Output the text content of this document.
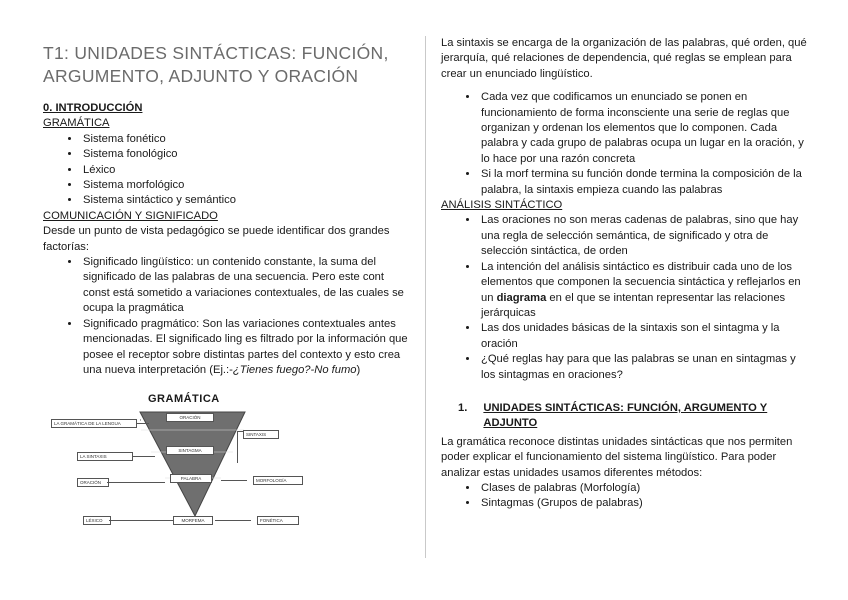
T1: UNIDADES SINTÁCTICAS: FUNCIÓN, ARGUMENTO, ADJUNTO Y ORACIÓN
0. INTRODUCCIÓN
GRAMÁTICA
• Sistema fonético
• Sistema fonológico
• Léxico
• Sistema morfológico
• Sistema sintáctico y semántico
COMUNICACIÓN Y SIGNIFICADO

Desde un punto de vista pedagógico se puede identificar dos grandes factorías:

• Significado lingüístico: un contenido constante, la suma del significado de las palabras de una secuencia. Pero este cont const está sometido a variaciones contextuales, de las cuales se ocupa la pragmática
• Significado pragmático: Son las variaciones contextuales antes mencionadas. El significado ling es filtrado por la información que posee el receptor sobre distintas partes del contexto y esto crea una nueva interpretación (Ej.:-¿Tienes fuego?-No fumo)
GRAMÁTICA
LA GRAMÁTICA DE LA LENGUA
LA SINTAXIS
ORACIÓN
LÉXICO
ORACIÓN
SINTAGMA
PALABRA
MORFEMA
SINTAXIS
MORFOLOGÍA
FONÉTICA

La sintaxis se encarga de la organización de las palabras, qué orden, qué jerarquía, qué relaciones de dependencia, qué reglas se emplean para crear un enunciado lingüístico.

• Cada vez que codificamos un enunciado se ponen en funcionamiento de forma inconsciente una serie de reglas que organizan y ordenan los elementos que lo componen. Cada palabra y cada grupo de palabras ocupa un lugar en la oración, y lo hace por una razón concreta
• Si la morf termina su función donde termina la composición de la palabra, la sintaxis empieza cuando las palabras
ANÁLISIS SINTÁCTICO
• Las oraciones no son meras cadenas de palabras, sino que hay una regla de selección semántica, de significado y otra de selección sintáctica, de orden
• La intención del análisis sintáctico es distribuir cada uno de los elementos que componen la secuencia sintáctica y reflejarlos en un diagrama en el que se intentan representar las relaciones jerárquicas
• Las dos unidades básicas de la sintaxis son el sintagma y la oración
• ¿Qué reglas hay para que las palabras se unan en sintagmas y los sintagmas en oraciones?
1.	UNIDADES SINTÁCTICAS: FUNCIÓN, ARGUMENTO Y ADJUNTO

La gramática reconoce distintas unidades sintácticas que nos permiten poder explicar el funcionamiento del sistema lingüístico. Para poder analizar estas unidades usamos diferentes métodos:

• Clases de palabras (Morfología)
• Sintagmas (Grupos de palabras)
